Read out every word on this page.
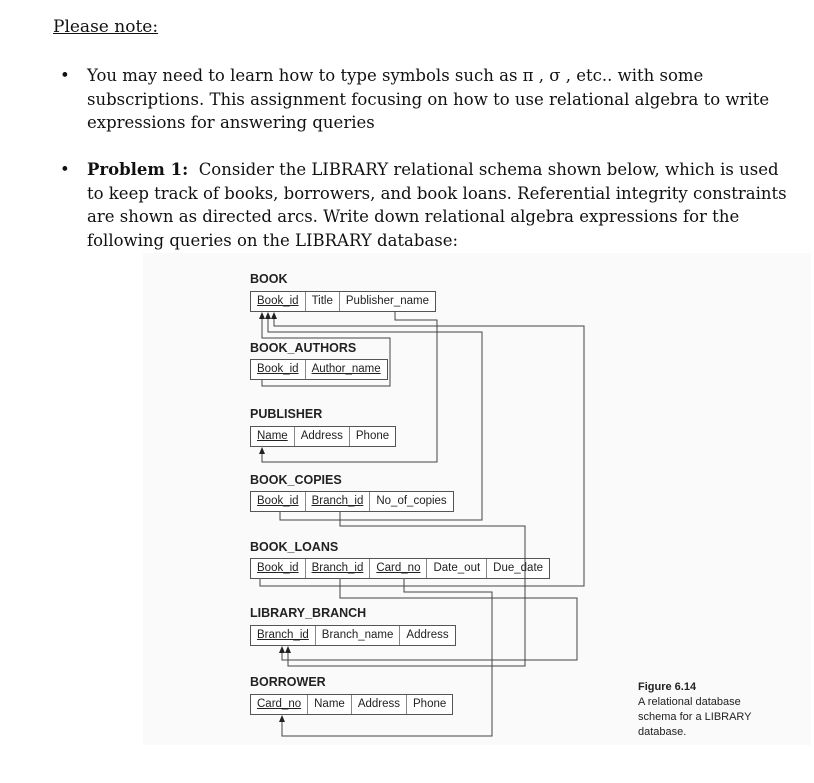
Please note:
• You may need to learn how to type symbols such as π , σ , etc.. with some subscriptions. This assignment focusing on how to use relational algebra to write expressions for answering queries
• Problem 1: Consider the LIBRARY relational schema shown below, which is used to keep track of books, borrowers, and book loans. Referential integrity constraints are shown as directed arcs. Write down relational algebra expressions for the following queries on the LIBRARY database:
BOOK
Book_id	Title	Publisher_name
BOOK_AUTHORS
Book_id	Author_name
PUBLISHER
Name	Address	Phone
BOOK_COPIES
Book_id	Branch_id	No_of_copies
BOOK_LOANS
Book_id	Branch_id	Card_no	Date_out	Due_date
LIBRARY_BRANCH
Branch_id	Branch_name	Address
BORROWER
Card_no	Name	Address	Phone
Figure 6.14
A relational database schema for a LIBRARY database.
